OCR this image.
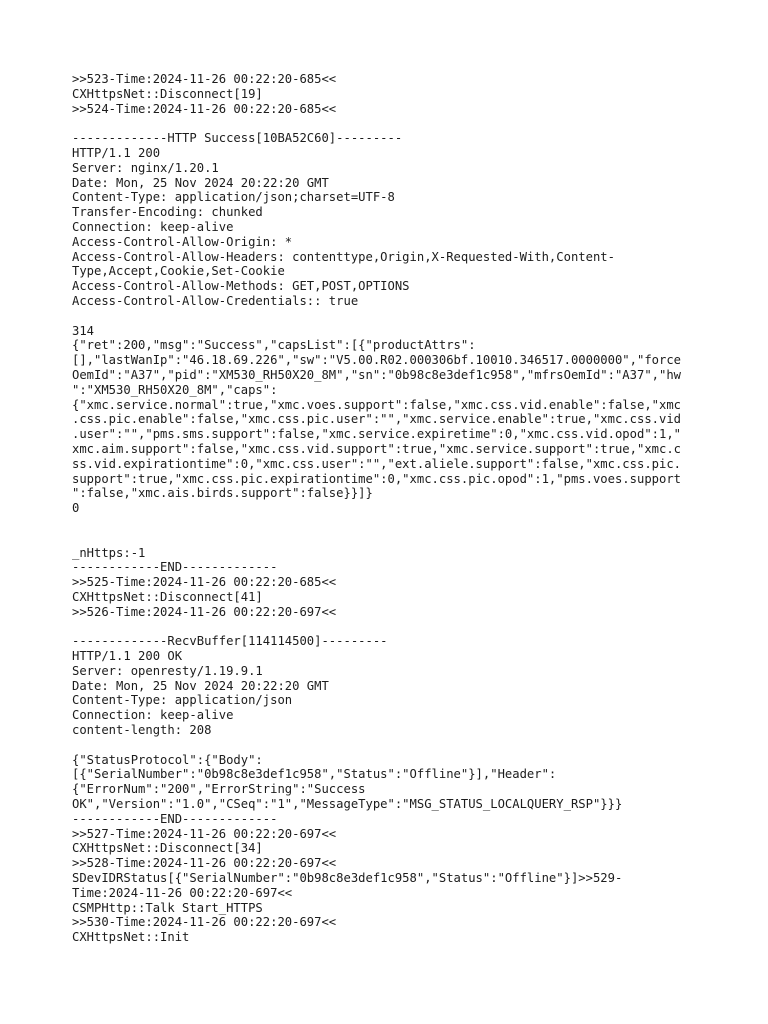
>>523-Time:2024-11-26 00:22:20-685<<
CXHttpsNet::Disconnect[19]
>>524-Time:2024-11-26 00:22:20-685<<
-------------HTTP Success[10BA52C60]---------
HTTP/1.1 200
Server: nginx/1.20.1
Date: Mon, 25 Nov 2024 20:22:20 GMT
Content-Type: application/json;charset=UTF-8
Transfer-Encoding: chunked
Connection: keep-alive
Access-Control-Allow-Origin: *
Access-Control-Allow-Headers: contenttype,Origin,X-Requested-With,Content-
Type,Accept,Cookie,Set-Cookie
Access-Control-Allow-Methods: GET,POST,OPTIONS
Access-Control-Allow-Credentials:: true
314
{"ret":200,"msg":"Success","capsList":[{"productAttrs":
[],"lastWanIp":"46.18.69.226","sw":"V5.00.R02.000306bf.10010.346517.0000000","force
OemId":"A37","pid":"XM530_RH50X20_8M","sn":"0b98c8e3def1c958","mfrsOemId":"A37","hw
":"XM530_RH50X20_8M","caps":
{"xmc.service.normal":true,"xmc.voes.support":false,"xmc.css.vid.enable":false,"xmc
.css.pic.enable":false,"xmc.css.pic.user":"","xmc.service.enable":true,"xmc.css.vid
.user":"","pms.sms.support":false,"xmc.service.expiretime":0,"xmc.css.vid.opod":1,"
xmc.aim.support":false,"xmc.css.vid.support":true,"xmc.service.support":true,"xmc.c
ss.vid.expirationtime":0,"xmc.css.user":"","ext.aliele.support":false,"xmc.css.pic.
support":true,"xmc.css.pic.expirationtime":0,"xmc.css.pic.opod":1,"pms.voes.support
":false,"xmc.ais.birds.support":false}}]}
0
_nHttps:-1
------------END-------------
>>525-Time:2024-11-26 00:22:20-685<<
CXHttpsNet::Disconnect[41]
>>526-Time:2024-11-26 00:22:20-697<<
-------------RecvBuffer[114114500]---------
HTTP/1.1 200 OK
Server: openresty/1.19.9.1
Date: Mon, 25 Nov 2024 20:22:20 GMT
Content-Type: application/json
Connection: keep-alive
content-length: 208
{"StatusProtocol":{"Body":
[{"SerialNumber":"0b98c8e3def1c958","Status":"Offline"}],"Header":
{"ErrorNum":"200","ErrorString":"Success
OK","Version":"1.0","CSeq":"1","MessageType":"MSG_STATUS_LOCALQUERY_RSP"}}}
------------END-------------
>>527-Time:2024-11-26 00:22:20-697<<
CXHttpsNet::Disconnect[34]
>>528-Time:2024-11-26 00:22:20-697<<
SDevIDRStatus[{"SerialNumber":"0b98c8e3def1c958","Status":"Offline"}]>>529-
Time:2024-11-26 00:22:20-697<<
CSMPHttp::Talk Start_HTTPS
>>530-Time:2024-11-26 00:22:20-697<<
CXHttpsNet::Init
